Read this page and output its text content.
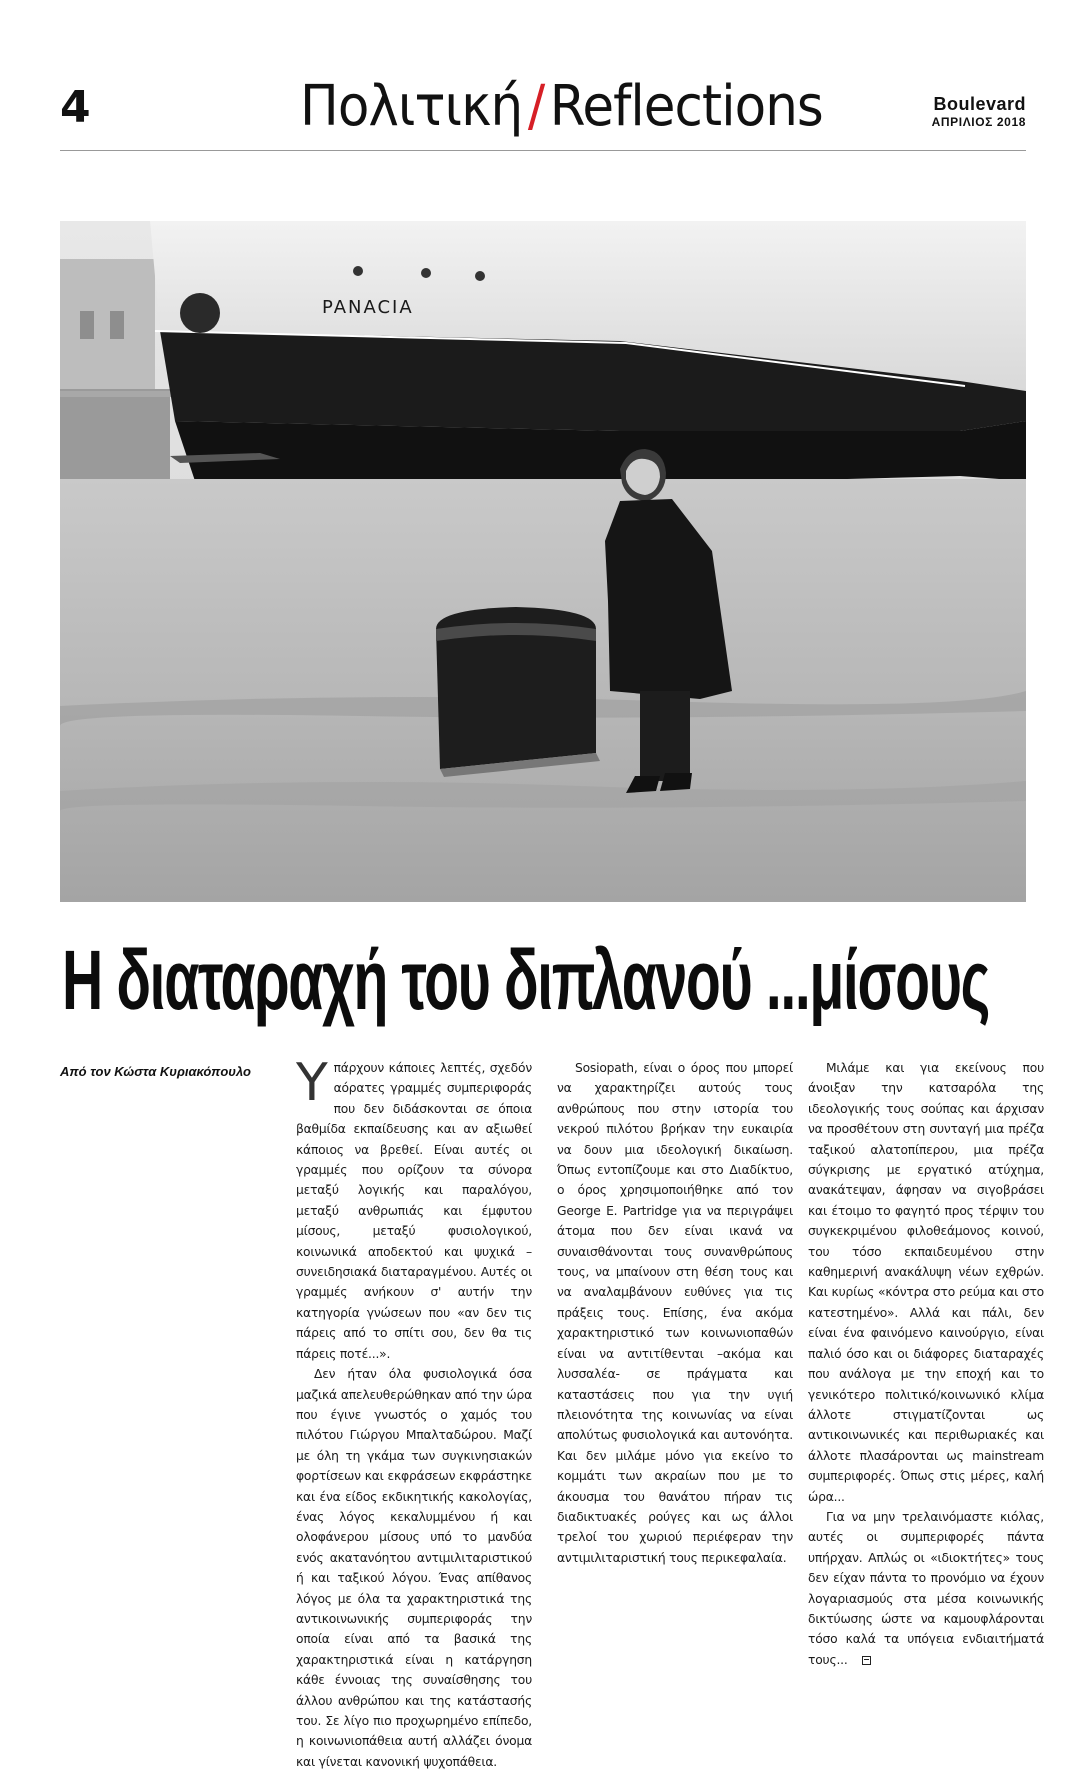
4	Πολιτική/Reflections	Boulevard
ΑΠΡΙΛΙΟΣ 2018
PANACIA
Η διαταραχή του διπλανού ...μίσους
Από τον Κώστα Κυριακόπουλο	Υπάρχουν κάποιες λεπτές, σχεδόν αόρατες γραμμές συμπεριφοράς που δεν διδάσκονται σε όποια βαθμίδα εκπαίδευσης και αν αξιωθεί κάποιος να βρεθεί. Είναι αυτές οι γραμμές που ορίζουν τα σύνορα μεταξύ λογικής και παραλόγου, μεταξύ ανθρωπιάς και έμφυτου μίσους, μεταξύ φυσιολογικού, κοινωνικά αποδεκτού και ψυχικά – συνειδησιακά διαταραγμένου. Αυτές οι γραμμές ανήκουν σ' αυτήν την κατηγορία γνώσεων που «αν δεν τις πάρεις από το σπίτι σου, δεν θα τις πάρεις ποτέ...».

Δεν ήταν όλα φυσιολογικά όσα μαζικά απελευθερώθηκαν από την ώρα που έγινε γνωστός ο χαμός του πιλότου Γιώργου Μπαλταδώρου. Μαζί με όλη τη γκάμα των συγκινησιακών φορτίσεων και εκφράσεων εκφράστηκε και ένα είδος εκδικητικής κακολογίας, ένας λόγος κεκαλυμμένου ή και ολοφάνερου μίσους υπό το μανδύα ενός ακατανόητου αντιμιλιταριστικού ή και ταξικού λόγου. Ένας απίθανος λόγος με όλα τα χαρακτηριστικά της αντικοινωνικής συμπεριφοράς την οποία είναι από τα βασικά της χαρακτηριστικά είναι η κατάργηση κάθε έννοιας της συναίσθησης του άλλου ανθρώπου και της κατάστασής του. Σε λίγο πιο προχωρημένο επίπεδο, η κοινωνιοπάθεια αυτή αλλάζει όνομα και γίνεται κανονική ψυχοπάθεια.

Sosiopath, είναι ο όρος που μπορεί να χαρακτηρίζει αυτούς τους ανθρώπους που στην ιστορία του νεκρού πιλότου βρήκαν την ευκαιρία να δουν μια ιδεολογική δικαίωση. Όπως εντοπίζουμε και στο Διαδίκτυο, ο όρος χρησιμοποιήθηκε από τον George E. Partridge για να περιγράψει άτομα που δεν είναι ικανά να συναισθάνονται τους συνανθρώπους τους, να μπαίνουν στη θέση τους και να αναλαμβάνουν ευθύνες για τις πράξεις τους. Επίσης, ένα ακόμα χαρακτηριστικό των κοινωνιοπαθών είναι να αντιτίθενται –ακόμα και λυσσαλέα- σε πράγματα και καταστάσεις που για την υγιή πλειονότητα της κοινωνίας να είναι απολύτως φυσιολογικά και αυτονόητα. Και δεν μιλάμε μόνο για εκείνο το κομμάτι των ακραίων που με το άκουσμα του θανάτου πήραν τις διαδικτυακές ρούγες και ως άλλοι τρελοί του χωριού περιέφεραν την αντιμιλιταριστική τους περικεφαλαία.

Μιλάμε και για εκείνους που άνοιξαν την κατσαρόλα της ιδεολογικής τους σούπας και άρχισαν να προσθέτουν στη συνταγή μια πρέζα ταξικού αλατοπίπερου, μια πρέζα σύγκρισης με εργατικό ατύχημα, ανακάτεψαν, άφησαν να σιγοβράσει και έτοιμο το φαγητό προς τέρψιν του συγκεκριμένου φιλοθεάμονος κοινού, του τόσο εκπαιδευμένου στην καθημερινή ανακάλυψη νέων εχθρών. Και κυρίως «κόντρα στο ρεύμα και στο κατεστημένο». Αλλά και πάλι, δεν είναι ένα φαινόμενο καινούργιο, είναι παλιό όσο και οι διάφορες διαταραχές που ανάλογα με την εποχή και το γενικότερο πολιτικό/κοινωνικό κλίμα άλλοτε στιγματίζονται ως αντικοινωνικές και περιθωριακές και άλλοτε πλασάρονται ως mainstream συμπεριφορές. Όπως στις μέρες, καλή ώρα...

Για να μην τρελαινόμαστε κιόλας, αυτές οι συμπεριφορές πάντα υπήρχαν. Απλώς οι «ιδιοκτήτες» τους δεν είχαν πάντα το προνόμιο να έχουν λογαριασμούς στα μέσα κοινωνικής δικτύωσης ώστε να καμουφλάρονται τόσο καλά τα υπόγεια ενδιαιτήματά τους...
